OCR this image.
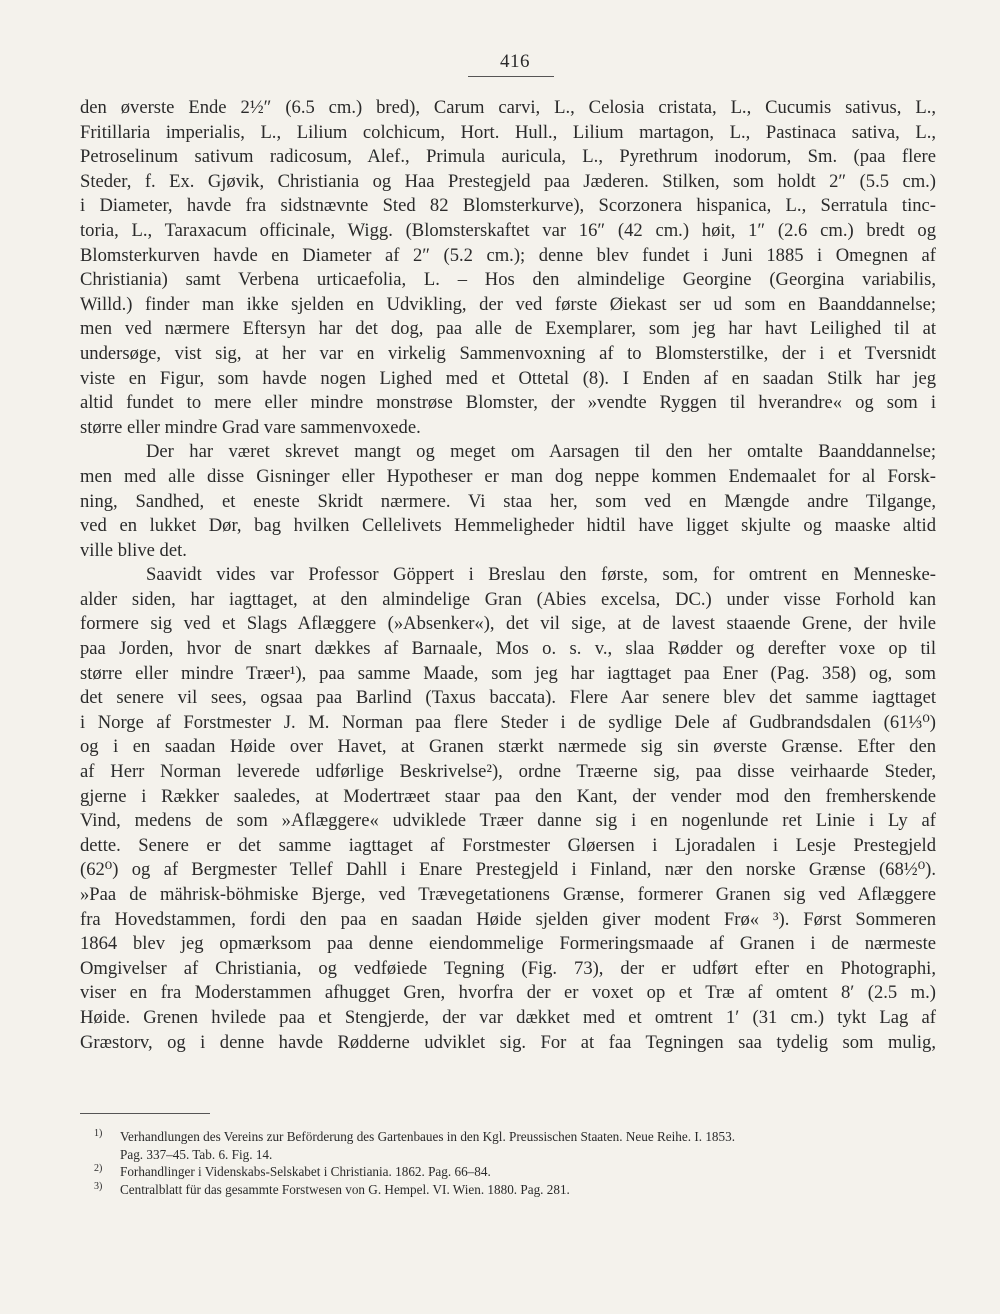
416
den øverste Ende 2½″ (6.5 cm.) bred), Carum carvi, L., Celosia cristata, L., Cucumis sativus, L.,
Fritillaria imperialis, L., Lilium colchicum, Hort. Hull., Lilium martagon, L., Pastinaca sativa, L.,
Petroselinum sativum radicosum, Alef., Primula auricula, L., Pyrethrum inodorum, Sm. (paa flere
Steder, f. Ex. Gjøvik, Christiania og Haa Prestegjeld paa Jæderen. Stilken, som holdt 2″ (5.5 cm.)
i Diameter, havde fra sidstnævnte Sted 82 Blomsterkurve), Scorzonera hispanica, L., Serratula tinc-
toria, L., Taraxacum officinale, Wigg. (Blomsterskaftet var 16″ (42 cm.) høit, 1″ (2.6 cm.) bredt og
Blomsterkurven havde en Diameter af 2″ (5.2 cm.); denne blev fundet i Juni 1885 i Omegnen af
Christiania) samt Verbena urticaefolia, L. – Hos den almindelige Georgine (Georgina variabilis,
Willd.) finder man ikke sjelden en Udvikling, der ved første Øiekast ser ud som en Baanddannelse;
men ved nærmere Eftersyn har det dog, paa alle de Exemplarer, som jeg har havt Leilighed til at
undersøge, vist sig, at her var en virkelig Sammenvoxning af to Blomsterstilke, der i et Tversnidt
viste en Figur, som havde nogen Lighed med et Ottetal (8). I Enden af en saadan Stilk har jeg
altid fundet to mere eller mindre monstrøse Blomster, der »vendte Ryggen til hverandre« og som i
større eller mindre Grad vare sammenvoxede.
Der har været skrevet mangt og meget om Aarsagen til den her omtalte Baanddannelse;
men med alle disse Gisninger eller Hypotheser er man dog neppe kommen Endemaalet for al Forsk-
ning, Sandhed, et eneste Skridt nærmere. Vi staa her, som ved en Mængde andre Tilgange,
ved en lukket Dør, bag hvilken Cellelivets Hemmeligheder hidtil have ligget skjulte og maaske altid
ville blive det.
Saavidt vides var Professor Göppert i Breslau den første, som, for omtrent en Menneske-
alder siden, har iagttaget, at den almindelige Gran (Abies excelsa, DC.) under visse Forhold kan
formere sig ved et Slags Aflæggere (»Absenker«), det vil sige, at de lavest staaende Grene, der hvile
paa Jorden, hvor de snart dækkes af Barnaale, Mos o. s. v., slaa Rødder og derefter voxe op til
større eller mindre Træer¹), paa samme Maade, som jeg har iagttaget paa Ener (Pag. 358) og, som
det senere vil sees, ogsaa paa Barlind (Taxus baccata). Flere Aar senere blev det samme iagttaget
i Norge af Forstmester J. M. Norman paa flere Steder i de sydlige Dele af Gudbrandsdalen (61⅓⁰)
og i en saadan Høide over Havet, at Granen stærkt nærmede sig sin øverste Grænse. Efter den
af Herr Norman leverede udførlige Beskrivelse²), ordne Træerne sig, paa disse veirhaarde Steder,
gjerne i Rækker saaledes, at Modertræet staar paa den Kant, der vender mod den fremherskende
Vind, medens de som »Aflæggere« udviklede Træer danne sig i en nogenlunde ret Linie i Ly af
dette. Senere er det samme iagttaget af Forstmester Gløersen i Ljoradalen i Lesje Prestegjeld
(62⁰) og af Bergmester Tellef Dahll i Enare Prestegjeld i Finland, nær den norske Grænse (68½⁰).
»Paa de mährisk-böhmiske Bjerge, ved Trævegetationens Grænse, formerer Granen sig ved Aflæggere
fra Hovedstammen, fordi den paa en saadan Høide sjelden giver modent Frø« ³). Først Sommeren
1864 blev jeg opmærksom paa denne eiendommelige Formeringsmaade af Granen i de nærmeste
Omgivelser af Christiania, og vedføiede Tegning (Fig. 73), der er udført efter en Photographi,
viser en fra Moderstammen afhugget Gren, hvorfra der er voxet op et Træ af omtent 8′ (2.5 m.)
Høide. Grenen hvilede paa et Stengjerde, der var dækket med et omtrent 1′ (31 cm.) tykt Lag af
Græstorv, og i denne havde Rødderne udviklet sig. For at faa Tegningen saa tydelig som mulig,
1) Verhandlungen des Vereins zur Beförderung des Gartenbaues in den Kgl. Preussischen Staaten. Neue Reihe. I. 1853.
Pag. 337–45. Tab. 6. Fig. 14.
2) Forhandlinger i Videnskabs-Selskabet i Christiania. 1862. Pag. 66–84.
3) Centralblatt für das gesammte Forstwesen von G. Hempel. VI. Wien. 1880. Pag. 281.
